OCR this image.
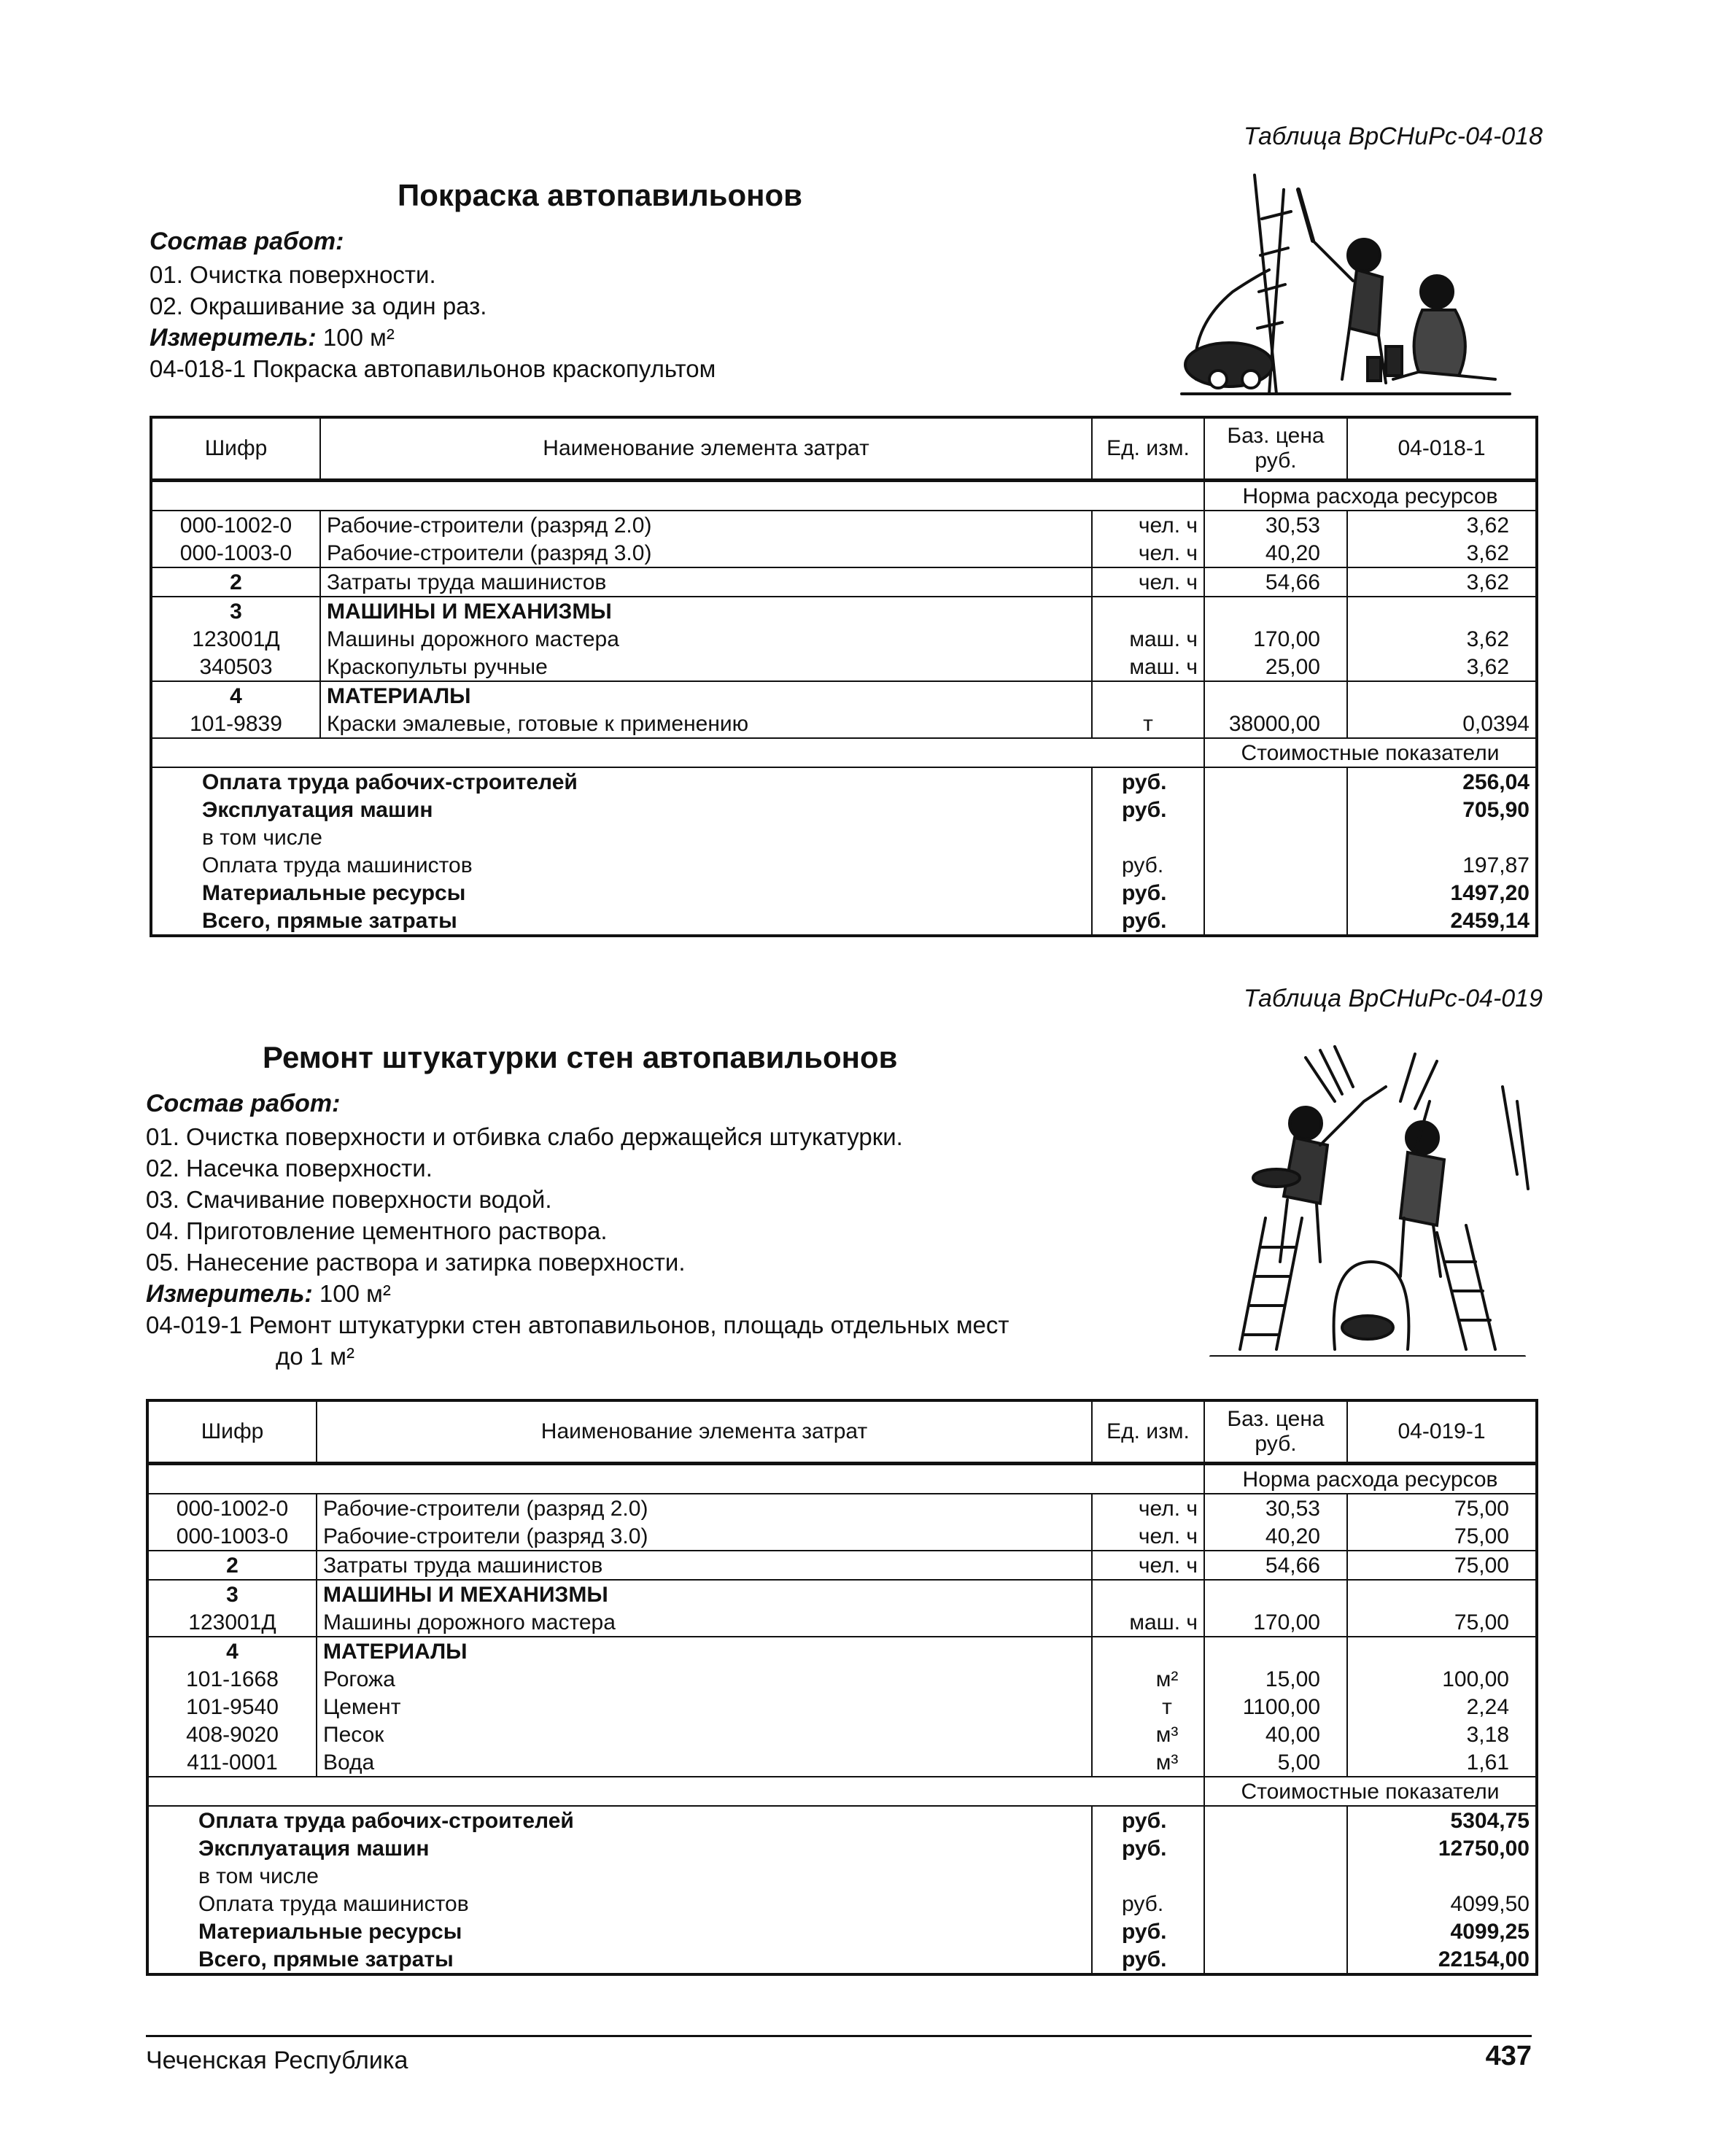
Таблица ВрСНиРс-04-018
Покраска автопавильонов
Состав работ:
01. Очистка поверхности.
02. Окрашивание за один раз.
Измеритель: 100 м²
04-018-1 Покраска автопавильонов краскопультом
Шифр	Наименование элемента затрат	Ед. изм.	Баз. цена руб.	04-018-1
			Норма расхода ресурсов	
000-1002-0	Рабочие-строители (разряд 2.0)	чел. ч	30,53	3,62
000-1003-0	Рабочие-строители (разряд 3.0)	чел. ч	40,20	3,62
2	Затраты труда машинистов	чел. ч	54,66	3,62
3	МАШИНЫ И МЕХАНИЗМЫ			
123001Д	Машины дорожного мастера	маш. ч	170,00	3,62
340503	Краскопульты ручные	маш. ч	25,00	3,62
4	МАТЕРИАЛЫ			
101-9839	Краски эмалевые, готовые к применению	т	38000,00	0,0394
			Стоимостные показатели	
Оплата труда рабочих-строителей		руб.		256,04
Эксплуатация машин		руб.		705,90
в том числе				
Оплата труда машинистов		руб.		197,87
Материальные ресурсы		руб.		1497,20
Всего, прямые затраты		руб.		2459,14
Таблица ВрСНиРс-04-019
Ремонт штукатурки стен автопавильонов
Состав работ:
01. Очистка поверхности и отбивка слабо держащейся штукатурки.
02. Насечка поверхности.
03. Смачивание поверхности водой.
04. Приготовление цементного раствора.
05. Нанесение раствора и затирка поверхности.
Измеритель: 100 м²
04-019-1 Ремонт штукатурки стен автопавильонов, площадь отдельных мест
до 1 м²
Шифр	Наименование элемента затрат	Ед. изм.	Баз. цена руб.	04-019-1
			Норма расхода ресурсов	
000-1002-0	Рабочие-строители (разряд 2.0)	чел. ч	30,53	75,00
000-1003-0	Рабочие-строители (разряд 3.0)	чел. ч	40,20	75,00
2	Затраты труда машинистов	чел. ч	54,66	75,00
3	МАШИНЫ И МЕХАНИЗМЫ			
123001Д	Машины дорожного мастера	маш. ч	170,00	75,00
4	МАТЕРИАЛЫ			
101-1668	Рогожа	м²	15,00	100,00
101-9540	Цемент	т	1100,00	2,24
408-9020	Песок	м³	40,00	3,18
411-0001	Вода	м³	5,00	1,61
			Стоимостные показатели	
Оплата труда рабочих-строителей		руб.		5304,75
Эксплуатация машин		руб.		12750,00
в том числе				
Оплата труда машинистов		руб.		4099,50
Материальные ресурсы		руб.		4099,25
Всего, прямые затраты		руб.		22154,00
Чеченская Республика	437
